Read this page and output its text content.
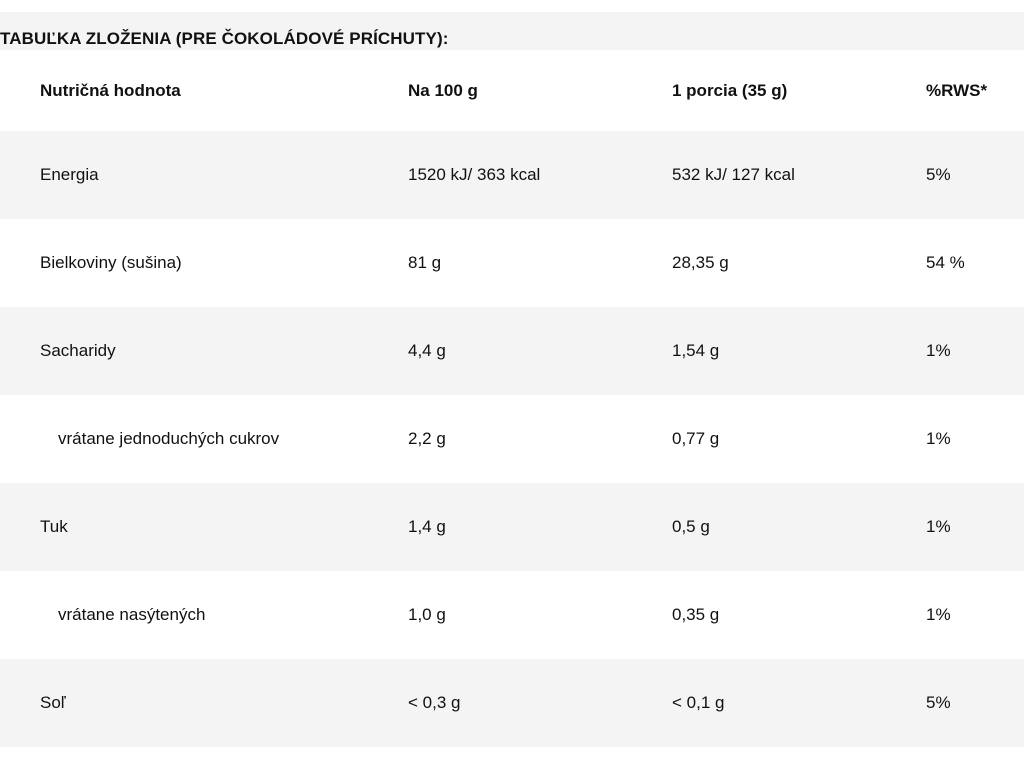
TABUĽKA ZLOŽENIA (PRE ČOKOLÁDOVÉ PRÍCHUTY):
Nutričná hodnota	Na 100 g	1 porcia (35 g)	%RWS*
Energia	1520 kJ/ 363 kcal	532 kJ/ 127 kcal	5%
Bielkoviny (sušina)	81 g	28,35 g	54 %
Sacharidy	4,4 g	1,54 g	1%
vrátane jednoduchých cukrov	2,2 g	0,77 g	1%
Tuk	1,4 g	0,5 g	1%
vrátane nasýtených	1,0 g	0,35 g	1%
Soľ	< 0,3 g	< 0,1 g	5%
